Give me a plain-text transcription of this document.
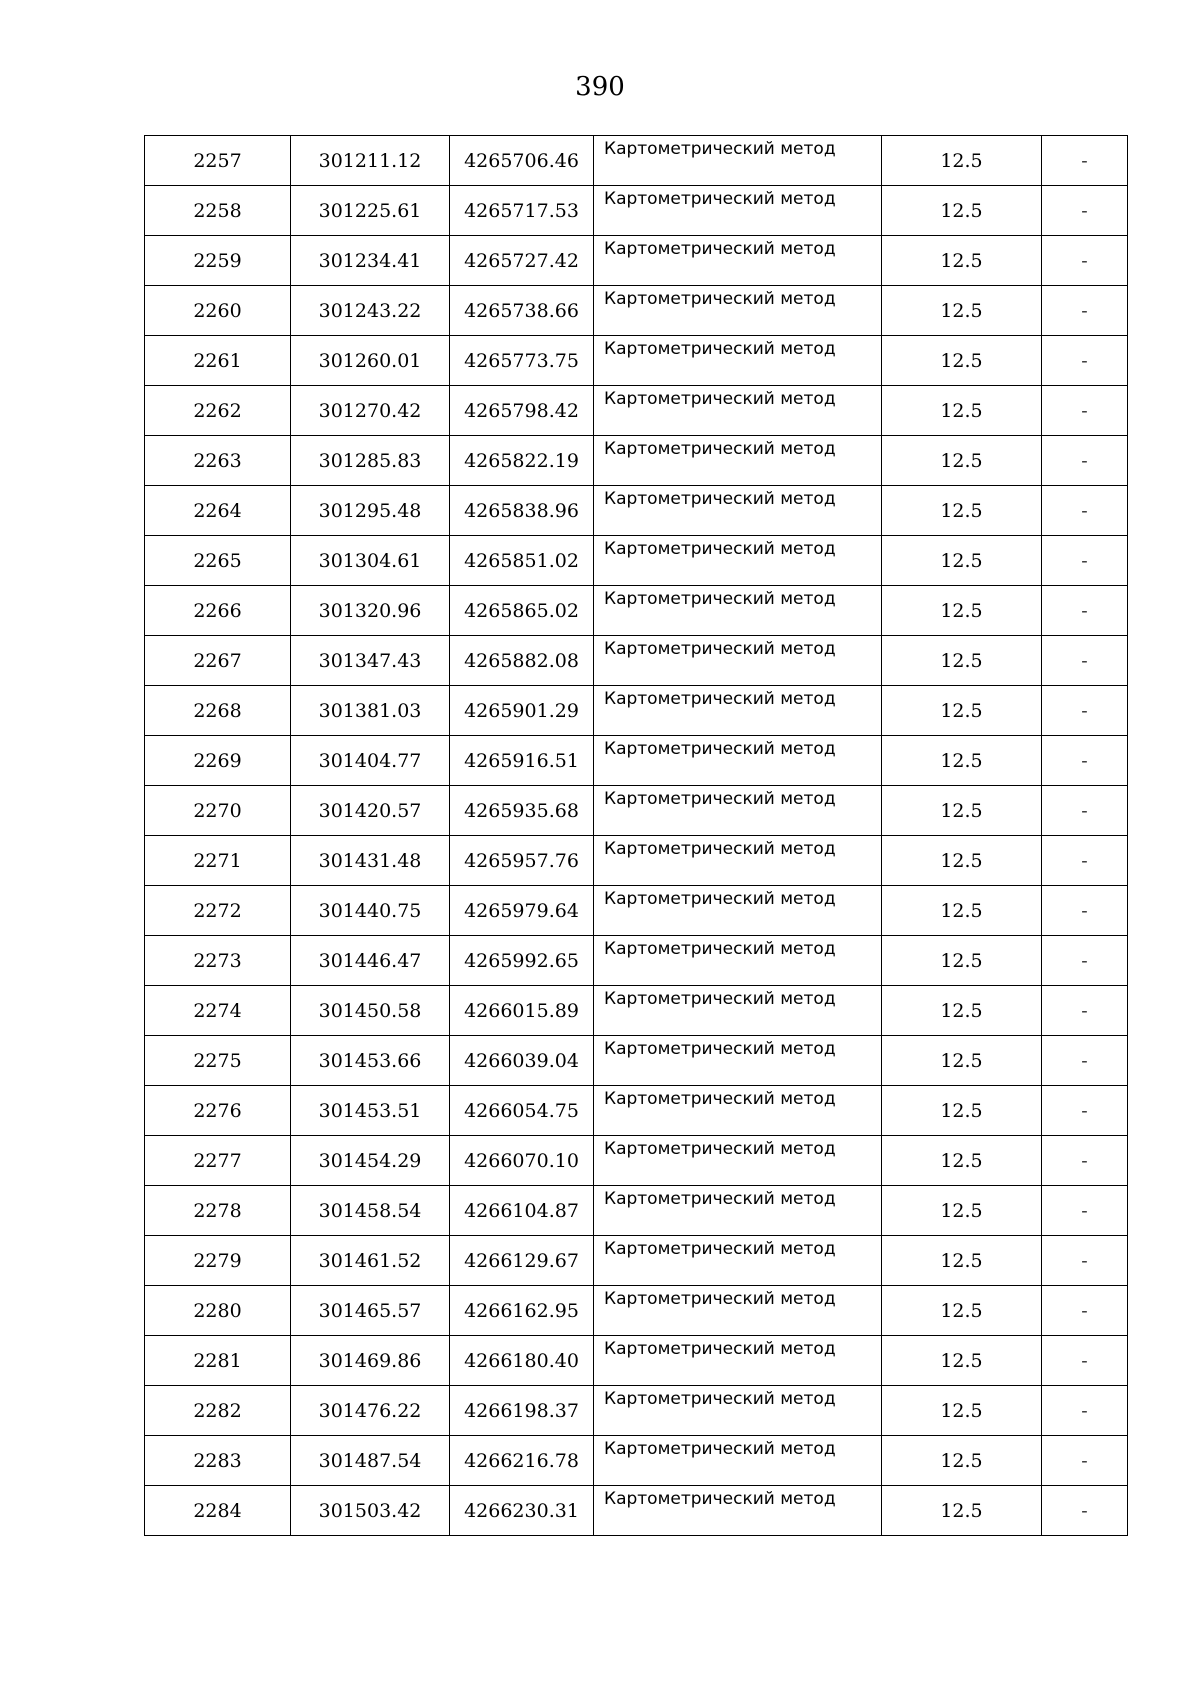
390
2257	301211.12	4265706.46	Картометрический метод	12.5	-
2258	301225.61	4265717.53	Картометрический метод	12.5	-
2259	301234.41	4265727.42	Картометрический метод	12.5	-
2260	301243.22	4265738.66	Картометрический метод	12.5	-
2261	301260.01	4265773.75	Картометрический метод	12.5	-
2262	301270.42	4265798.42	Картометрический метод	12.5	-
2263	301285.83	4265822.19	Картометрический метод	12.5	-
2264	301295.48	4265838.96	Картометрический метод	12.5	-
2265	301304.61	4265851.02	Картометрический метод	12.5	-
2266	301320.96	4265865.02	Картометрический метод	12.5	-
2267	301347.43	4265882.08	Картометрический метод	12.5	-
2268	301381.03	4265901.29	Картометрический метод	12.5	-
2269	301404.77	4265916.51	Картометрический метод	12.5	-
2270	301420.57	4265935.68	Картометрический метод	12.5	-
2271	301431.48	4265957.76	Картометрический метод	12.5	-
2272	301440.75	4265979.64	Картометрический метод	12.5	-
2273	301446.47	4265992.65	Картометрический метод	12.5	-
2274	301450.58	4266015.89	Картометрический метод	12.5	-
2275	301453.66	4266039.04	Картометрический метод	12.5	-
2276	301453.51	4266054.75	Картометрический метод	12.5	-
2277	301454.29	4266070.10	Картометрический метод	12.5	-
2278	301458.54	4266104.87	Картометрический метод	12.5	-
2279	301461.52	4266129.67	Картометрический метод	12.5	-
2280	301465.57	4266162.95	Картометрический метод	12.5	-
2281	301469.86	4266180.40	Картометрический метод	12.5	-
2282	301476.22	4266198.37	Картометрический метод	12.5	-
2283	301487.54	4266216.78	Картометрический метод	12.5	-
2284	301503.42	4266230.31	Картометрический метод	12.5	-
